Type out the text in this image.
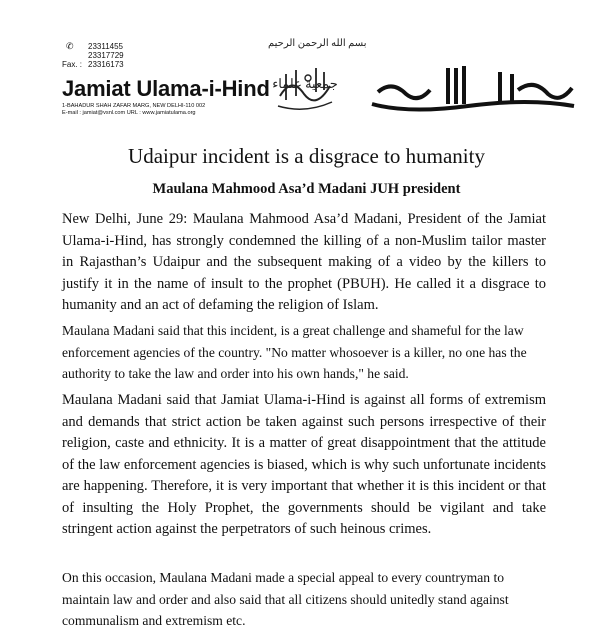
✆	23311455
23317729
Fax. : 23316173
Jamiat Ulama-i-Hind
1-BAHADUR SHAH ZAFAR MARG, NEW DELHI-110 002
E-mail : jamiat@vsnl.com URL : www.jamiatulama.org
بسم الله الرحمن الرحيم
جمعية علماء
Udaipur incident is a disgrace to humanity
Maulana Mahmood Asa’d Madani JUH president

New Delhi, June 29: Maulana Mahmood Asa’d Madani, President of the Jamiat Ulama-i-Hind, has strongly condemned the killing of a non-Muslim tailor master in Rajasthan’s Udaipur and the subsequent making of a video by the killers to justify it in the name of insult to the prophet (PBUH). He called it a disgrace to humanity and an act of defaming the religion of Islam.

Maulana Madani said that this incident, is a great challenge and shameful for the law enforcement agencies of the country. "No matter whosoever is a killer, no one has the authority to take the law and order into his own hands," he said.

Maulana Madani said that Jamiat Ulama-i-Hind is against all forms of extremism and demands that strict action be taken against such persons irrespective of their religion, caste and ethnicity. It is a matter of great disappointment that the attitude of the law enforcement agencies is biased, which is why such unfortunate incidents are happening. Therefore, it is very important that whether it is this incident or that of insulting the Holy Prophet, the governments should be vigilant and take stringent action against the perpetrators of such heinous crimes.

On this occasion, Maulana Madani made a special appeal to every countryman to maintain law and order and also said that all citizens should unitedly stand against communalism and extremism etc.
